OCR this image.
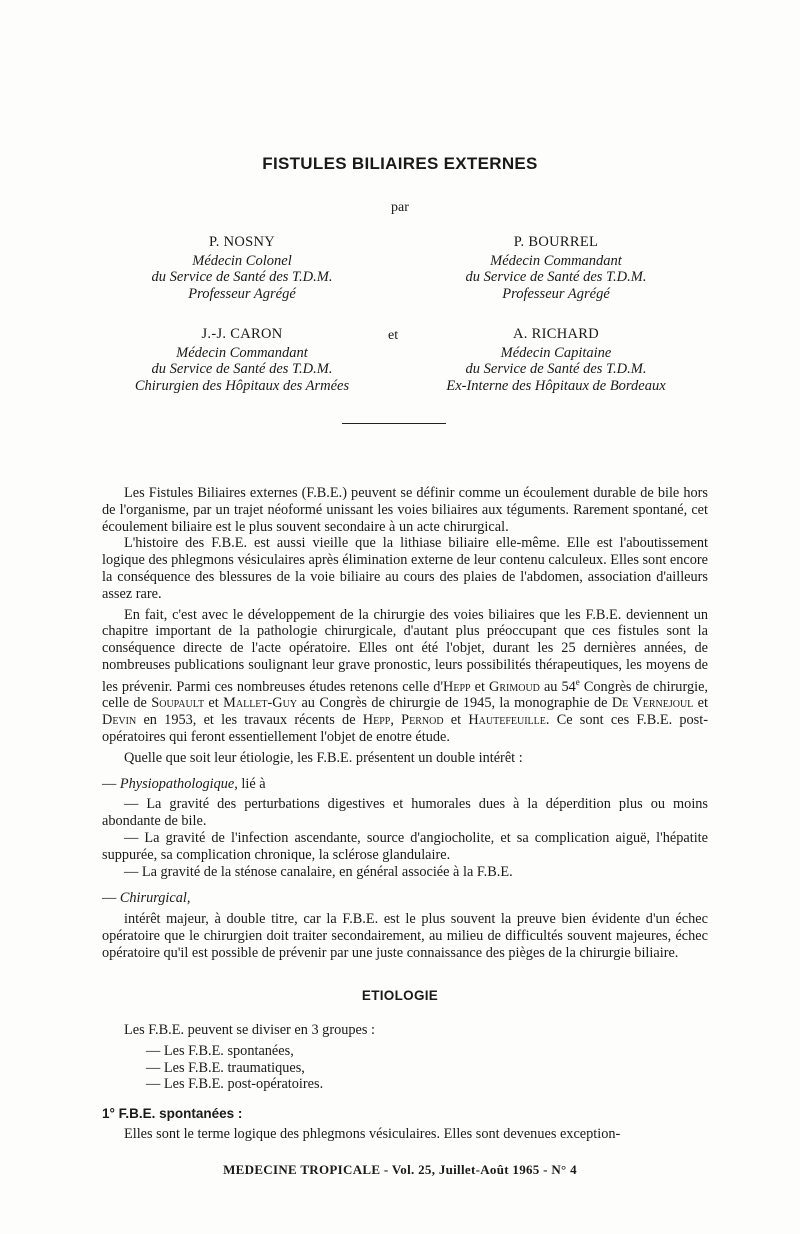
FISTULES BILIAIRES EXTERNES
par
P. NOSNY
Médecin Colonel
du Service de Santé des T.D.M.
Professeur Agrégé
P. BOURREL
Médecin Commandant
du Service de Santé des T.D.M.
Professeur Agrégé
et
J.-J. CARON
Médecin Commandant
du Service de Santé des T.D.M.
Chirurgien des Hôpitaux des Armées
A. RICHARD
Médecin Capitaine
du Service de Santé des T.D.M.
Ex-Interne des Hôpitaux de Bordeaux

Les Fistules Biliaires externes (F.B.E.) peuvent se définir comme un écoulement durable de bile hors de l'organisme, par un trajet néoformé unissant les voies biliaires aux téguments. Rarement spontané, cet écoulement biliaire est le plus souvent secondaire à un acte chirurgical.

L'histoire des F.B.E. est aussi vieille que la lithiase biliaire elle-même. Elle est l'aboutissement logique des phlegmons vésiculaires après élimination externe de leur contenu calculeux. Elles sont encore la conséquence des blessures de la voie biliaire au cours des plaies de l'abdomen, association d'ailleurs assez rare.

En fait, c'est avec le développement de la chirurgie des voies biliaires que les F.B.E. deviennent un chapitre important de la pathologie chirurgicale, d'autant plus préoccupant que ces fistules sont la conséquence directe de l'acte opératoire. Elles ont été l'objet, durant les 25 dernières années, de nombreuses publications soulignant leur grave pronostic, leurs possibilités thérapeutiques, les moyens de les prévenir. Parmi ces nombreuses études retenons celle d'Hepp et Grimoud au 54e Congrès de chirurgie, celle de Soupault et Mallet-Guy au Congrès de chirurgie de 1945, la monographie de De Vernejoul et Devin en 1953, et les travaux récents de Hepp, Pernod et Hautefeuille. Ce sont ces F.B.E. post-opératoires qui feront essentiellement l'objet de enotre étude.

Quelle que soit leur étiologie, les F.B.E. présentent un double intérêt :

— Physiopathologique, lié à

— La gravité des perturbations digestives et humorales dues à la déperdition plus ou moins abondante de bile.

— La gravité de l'infection ascendante, source d'angiocholite, et sa complication aiguë, l'hépatite suppurée, sa complication chronique, la sclérose glandulaire.

— La gravité de la sténose canalaire, en général associée à la F.B.E.

— Chirurgical,

intérêt majeur, à double titre, car la F.B.E. est le plus souvent la preuve bien évidente d'un échec opératoire que le chirurgien doit traiter secondairement, au milieu de difficultés souvent majeures, échec opératoire qu'il est possible de prévenir par une juste connaissance des pièges de la chirurgie biliaire.

ETIOLOGIE
Les F.B.E. peuvent se diviser en 3 groupes :
— Les F.B.E. spontanées,
— Les F.B.E. traumatiques,
— Les F.B.E. post-opératoires.
1° F.B.E. spontanées :
Elles sont le terme logique des phlegmons vésiculaires. Elles sont devenues exception-
MEDECINE TROPICALE - Vol. 25, Juillet-Août 1965 - N° 4
